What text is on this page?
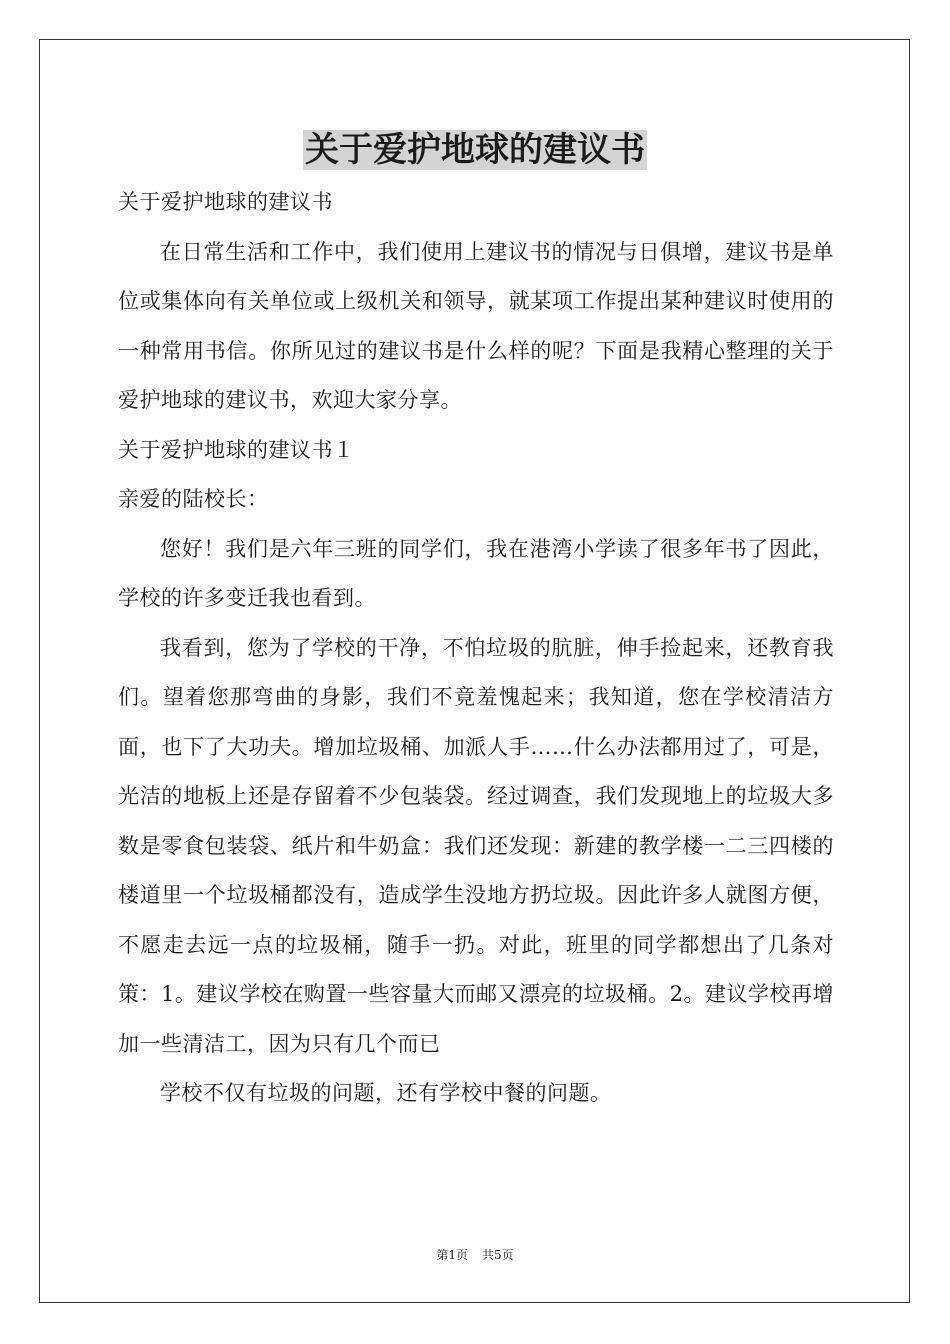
关于爱护地球的建议书

关于爱护地球的建议书

在日常生活和工作中，我们使用上建议书的情况与日俱增，建议书是单位或集体向有关单位或上级机关和领导，就某项工作提出某种建议时使用的一种常用书信。你所见过的建议书是什么样的呢？下面是我精心整理的关于爱护地球的建议书，欢迎大家分享。

关于爱护地球的建议书１

亲爱的陆校长：

您好！我们是六年三班的同学们，我在港湾小学读了很多年书了因此，学校的许多变迁我也看到。

我看到，您为了学校的干净，不怕垃圾的肮脏，伸手捡起来，还教育我们。望着您那弯曲的身影，我们不竟羞愧起来；我知道，您在学校清洁方面，也下了大功夫。增加垃圾桶、加派人手……什么办法都用过了，可是，光洁的地板上还是存留着不少包装袋。经过调查，我们发现地上的垃圾大多数是零食包装袋、纸片和牛奶盒：我们还发现：新建的教学楼一二三四楼的楼道里一个垃圾桶都没有，造成学生没地方扔垃圾。因此许多人就图方便，不愿走去远一点的垃圾桶，随手一扔。对此，班里的同学都想出了几条对策：1。建议学校在购置一些容量大而邮又漂亮的垃圾桶。2。建议学校再增加一些清洁工，因为只有几个而已

学校不仅有垃圾的问题，还有学校中餐的问题。

第1页 共5页
